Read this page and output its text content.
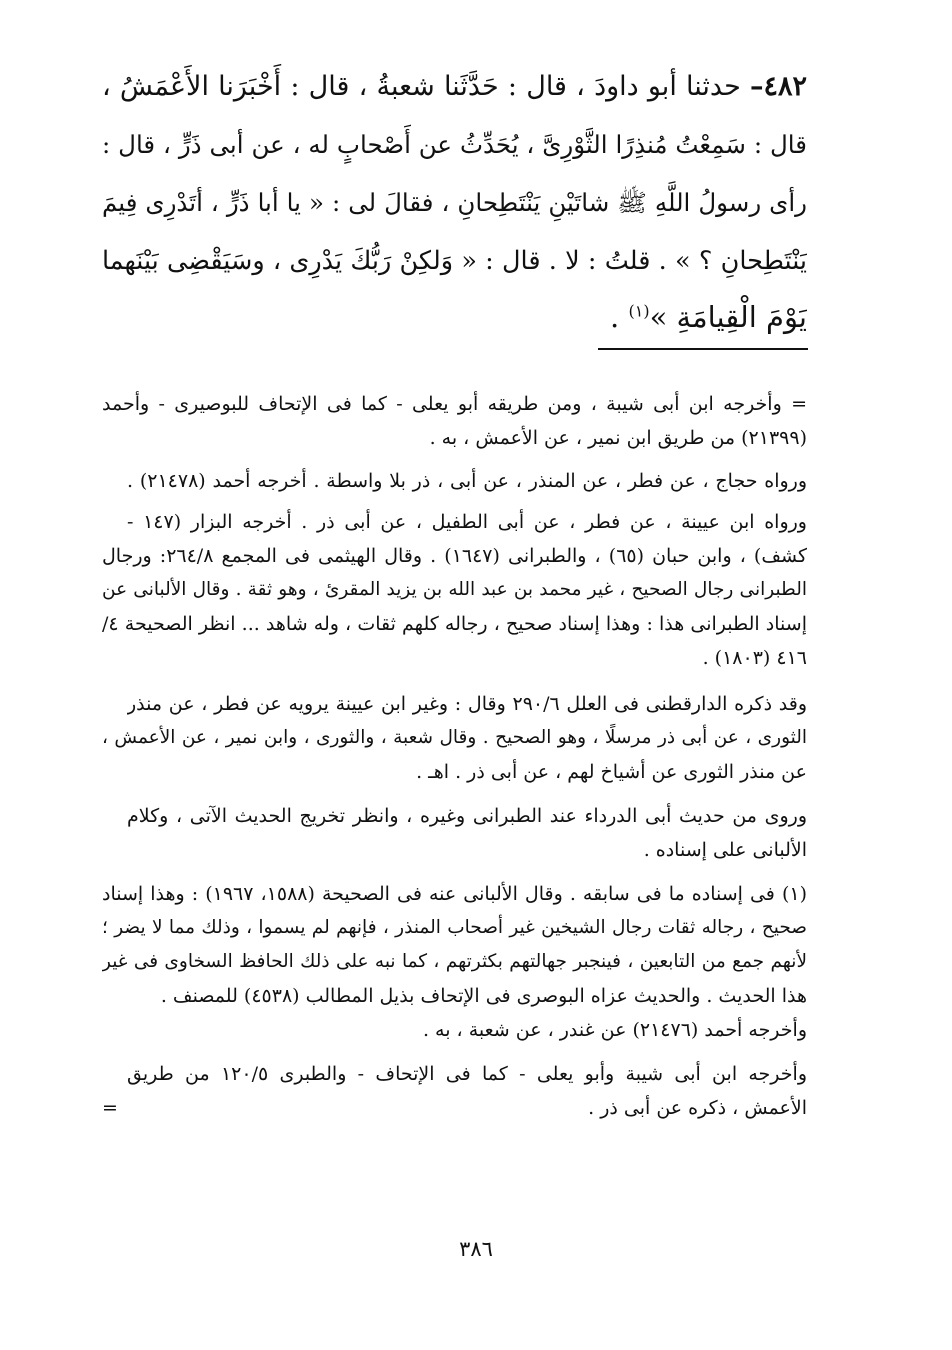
٤٨٢– حدثنا أبو داودَ ، قال : حَدَّثَنا شعبةُ ، قال : أَخْبَرَنا الأَعْمَشُ ،

قال : سَمِعْتُ مُنذِرًا الثَّوْرِىَّ ، يُحَدِّثُ عن أَصْحابٍ له ، عن أبى ذَرٍّ ، قال :

رأى رسولُ اللَّهِ ﷺ شاتَيْنِ يَنْتَطِحانِ ، فقالَ لى : « يا أبا ذَرٍّ ، أتَدْرِى فِيمَ

يَنْتَطِحانِ ؟ » . قلتُ : لا . قال : « وَلكِنْ رَبُّكَ يَدْرِى ، وسَيَقْضِى بَيْنَهما

يَوْمَ الْقِيامَةِ »$^{(١)}$ .

= وأخرجه ابن أبى شيبة ، ومن طريقه أبو يعلى - كما فى الإتحاف للبوصيرى - وأحمد

(٢١٣٩٩) من طريق ابن نمير ، عن الأعمش ، به .

ورواه حجاج ، عن فطر ، عن المنذر ، عن أبى ، ذر بلا واسطة . أخرجه أحمد (٢١٤٧٨) .

ورواه ابن عيينة ، عن فطر ، عن أبى الطفيل ، عن أبى ذر . أخرجه البزار (١٤٧ -

كشف) ، وابن حبان (٦٥) ، والطبرانى (١٦٤٧) . وقال الهيثمى فى المجمع ٢٦٤/٨: ورجال

الطبرانى رجال الصحيح ، غير محمد بن عبد الله بن يزيد المقرئ ، وهو ثقة . وقال الألبانى عن

إسناد الطبرانى هذا : وهذا إسناد صحيح ، رجاله كلهم ثقات ، وله شاهد ... انظر الصحيحة ٤/

٤١٦ (١٨٠٣) .

وقد ذكره الدارقطنى فى العلل ٢٩٠/٦ وقال : وغير ابن عيينة يرويه عن فطر ، عن منذر

الثورى ، عن أبى ذر مرسلًا ، وهو الصحيح . وقال شعبة ، والثورى ، وابن نمير ، عن الأعمش ،

عن منذر الثورى عن أشياخ لهم ، عن أبى ذر . اهـ .

وروى من حديث أبى الدرداء عند الطبرانى وغيره ، وانظر تخريج الحديث الآتى ، وكلام

الألبانى على إسناده .

(١) فى إسناده ما فى سابقه . وقال الألبانى عنه فى الصحيحة (١٥٨٨، ١٩٦٧) : وهذا إسناد

صحيح ، رجاله ثقات رجال الشيخين غير أصحاب المنذر ، فإنهم لم يسموا ، وذلك مما لا يضر ؛

لأنهم جمع من التابعين ، فينجبر جهالتهم بكثرتهم ، كما نبه على ذلك الحافظ السخاوى فى غير

هذا الحديث . والحديث عزاه البوصرى فى الإتحاف بذيل المطالب (٤٥٣٨) للمصنف .

وأخرجه أحمد (٢١٤٧٦) عن غندر ، عن شعبة ، به .

وأخرجه ابن أبى شيبة وأبو يعلى - كما فى الإتحاف - والطبرى ١٢٠/٥ من طريق

الأعمش ، ذكره عن أبى ذر .

=

٣٨٦
